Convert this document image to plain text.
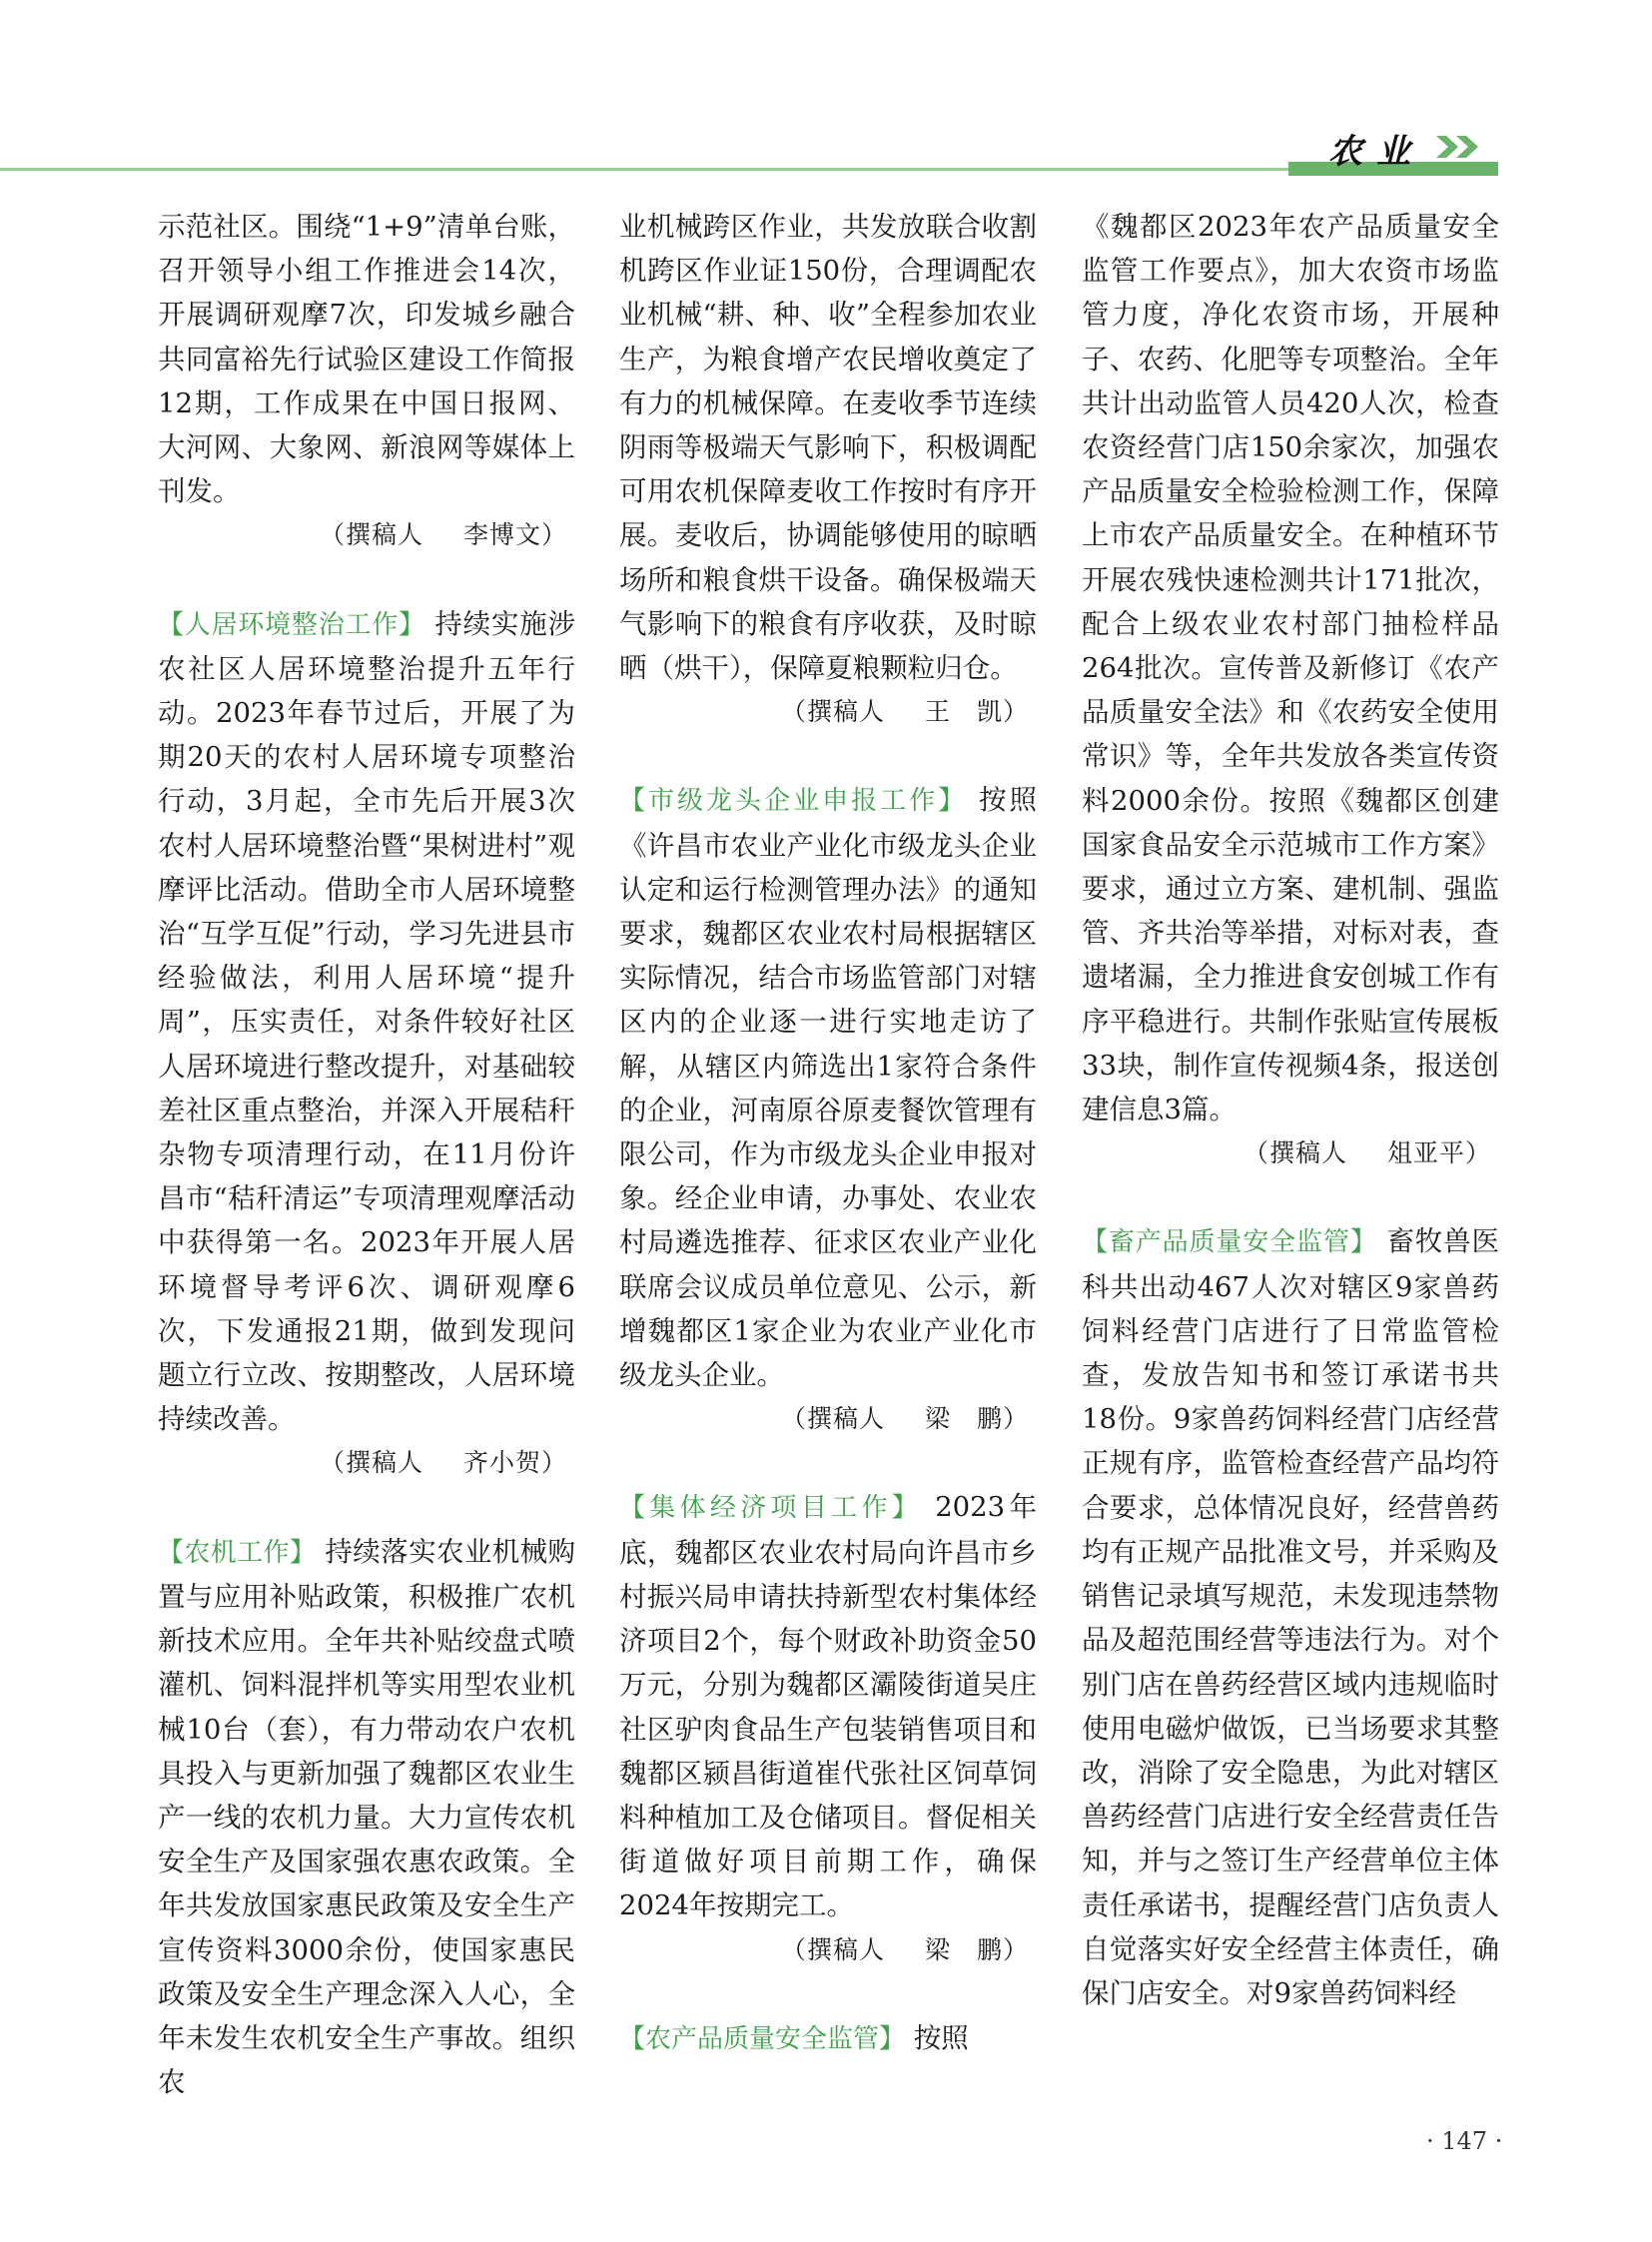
农业

示范社区。围绕“1+9”清单台账，召开领导小组工作推进会14次，开展调研观摩7次，印发城乡融合共同富裕先行试验区建设工作简报12期，工作成果在中国日报网、大河网、大象网、新浪网等媒体上刊发。

（撰稿人 李博文）

【人居环境整治工作】 持续实施涉农社区人居环境整治提升五年行动。2023年春节过后，开展了为期20天的农村人居环境专项整治行动，3月起，全市先后开展3次农村人居环境整治暨“果树进村”观摩评比活动。借助全市人居环境整治“互学互促”行动，学习先进县市经验做法，利用人居环境“提升周”，压实责任，对条件较好社区人居环境进行整改提升，对基础较差社区重点整治，并深入开展秸秆杂物专项清理行动，在11月份许昌市“秸秆清运”专项清理观摩活动中获得第一名。2023年开展人居环境督导考评6次、调研观摩6次，下发通报21期，做到发现问题立行立改、按期整改，人居环境持续改善。

（撰稿人 齐小贺）

【农机工作】 持续落实农业机械购置与应用补贴政策，积极推广农机新技术应用。全年共补贴绞盘式喷灌机、饲料混拌机等实用型农业机械10台（套），有力带动农户农机具投入与更新加强了魏都区农业生产一线的农机力量。大力宣传农机安全生产及国家强农惠农政策。全年共发放国家惠民政策及安全生产宣传资料3000余份，使国家惠民政策及安全生产理念深入人心，全年未发生农机安全生产事故。组织农

业机械跨区作业，共发放联合收割机跨区作业证150份，合理调配农业机械“耕、种、收”全程参加农业生产，为粮食增产农民增收奠定了有力的机械保障。在麦收季节连续阴雨等极端天气影响下，积极调配可用农机保障麦收工作按时有序开展。麦收后，协调能够使用的晾晒场所和粮食烘干设备。确保极端天气影响下的粮食有序收获，及时晾晒（烘干），保障夏粮颗粒归仓。

（撰稿人 王　凯）

【市级龙头企业申报工作】 按照《许昌市农业产业化市级龙头企业认定和运行检测管理办法》的通知要求，魏都区农业农村局根据辖区实际情况，结合市场监管部门对辖区内的企业逐一进行实地走访了解，从辖区内筛选出1家符合条件的企业，河南原谷原麦餐饮管理有限公司，作为市级龙头企业申报对象。经企业申请，办事处、农业农村局遴选推荐、征求区农业产业化联席会议成员单位意见、公示，新增魏都区1家企业为农业产业化市级龙头企业。

（撰稿人 梁　鹏）

【集体经济项目工作】 2023年底，魏都区农业农村局向许昌市乡村振兴局申请扶持新型农村集体经济项目2个，每个财政补助资金50万元，分别为魏都区灞陵街道吴庄社区驴肉食品生产包装销售项目和魏都区颍昌街道崔代张社区饲草饲料种植加工及仓储项目。督促相关街道做好项目前期工作，确保2024年按期完工。

（撰稿人 梁　鹏）

【农产品质量安全监管】 按照

《魏都区2023年农产品质量安全监管工作要点》，加大农资市场监管力度，净化农资市场，开展种子、农药、化肥等专项整治。全年共计出动监管人员420人次，检查农资经营门店150余家次，加强农产品质量安全检验检测工作，保障上市农产品质量安全。在种植环节开展农残快速检测共计171批次，配合上级农业农村部门抽检样品264批次。宣传普及新修订《农产品质量安全法》和《农药安全使用常识》等，全年共发放各类宣传资料2000余份。按照《魏都区创建国家食品安全示范城市工作方案》要求，通过立方案、建机制、强监管、齐共治等举措，对标对表，查遗堵漏，全力推进食安创城工作有序平稳进行。共制作张贴宣传展板33块，制作宣传视频4条，报送创建信息3篇。

（撰稿人 俎亚平）

【畜产品质量安全监管】 畜牧兽医科共出动467人次对辖区9家兽药饲料经营门店进行了日常监管检查，发放告知书和签订承诺书共18份。9家兽药饲料经营门店经营正规有序，监管检查经营产品均符合要求，总体情况良好，经营兽药均有正规产品批准文号，并采购及销售记录填写规范，未发现违禁物品及超范围经营等违法行为。对个别门店在兽药经营区域内违规临时使用电磁炉做饭，已当场要求其整改，消除了安全隐患，为此对辖区兽药经营门店进行安全经营责任告知，并与之签订生产经营单位主体责任承诺书，提醒经营门店负责人自觉落实好安全经营主体责任，确保门店安全。对9家兽药饲料经

· 147 ·
